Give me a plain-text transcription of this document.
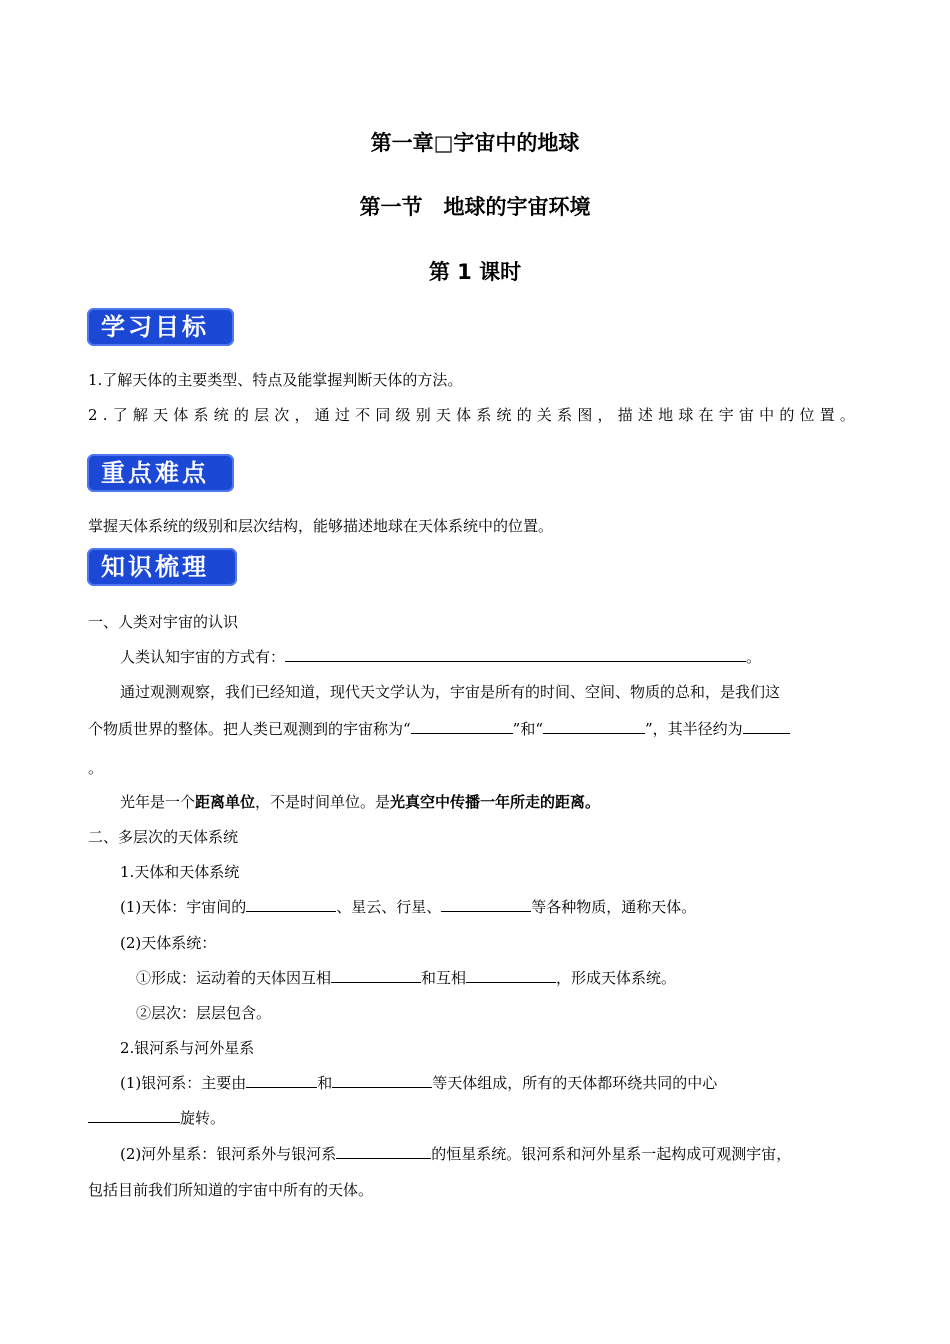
第一章□宇宙中的地球
第一节　地球的宇宙环境
第 1 课时
学习目标
1.了解天体的主要类型、特点及能掌握判断天体的方法。
2.了解天体系统的层次，通过不同级别天体系统的关系图，描述地球在宇宙中的位置。
重点难点
掌握天体系统的级别和层次结构，能够描述地球在天体系统中的位置。
知识梳理
一、人类对宇宙的认识
人类认知宇宙的方式有：	。
通过观测观察，我们已经知道，现代天文学认为，宇宙是所有的时间、空间、物质的总和，是我们这
个物质世界的整体。把人类已观测到的宇宙称为“	”和“	”，其半径约为
。
光年是一个距离单位，不是时间单位。是光真空中传播一年所走的距离。
二、多层次的天体系统
1.天体和天体系统
(1)天体：宇宙间的	、星云、行星、	等各种物质，通称天体。
(2)天体系统：
①形成：运动着的天体因互相	和互相	，形成天体系统。
②层次：层层包含。
2.银河系与河外星系
(1)银河系：主要由	和	等天体组成，所有的天体都环绕共同的中心
旋转。
(2)河外星系：银河系外与银河系	的恒星系统。银河系和河外星系一起构成可观测宇宙，
包括目前我们所知道的宇宙中所有的天体。
